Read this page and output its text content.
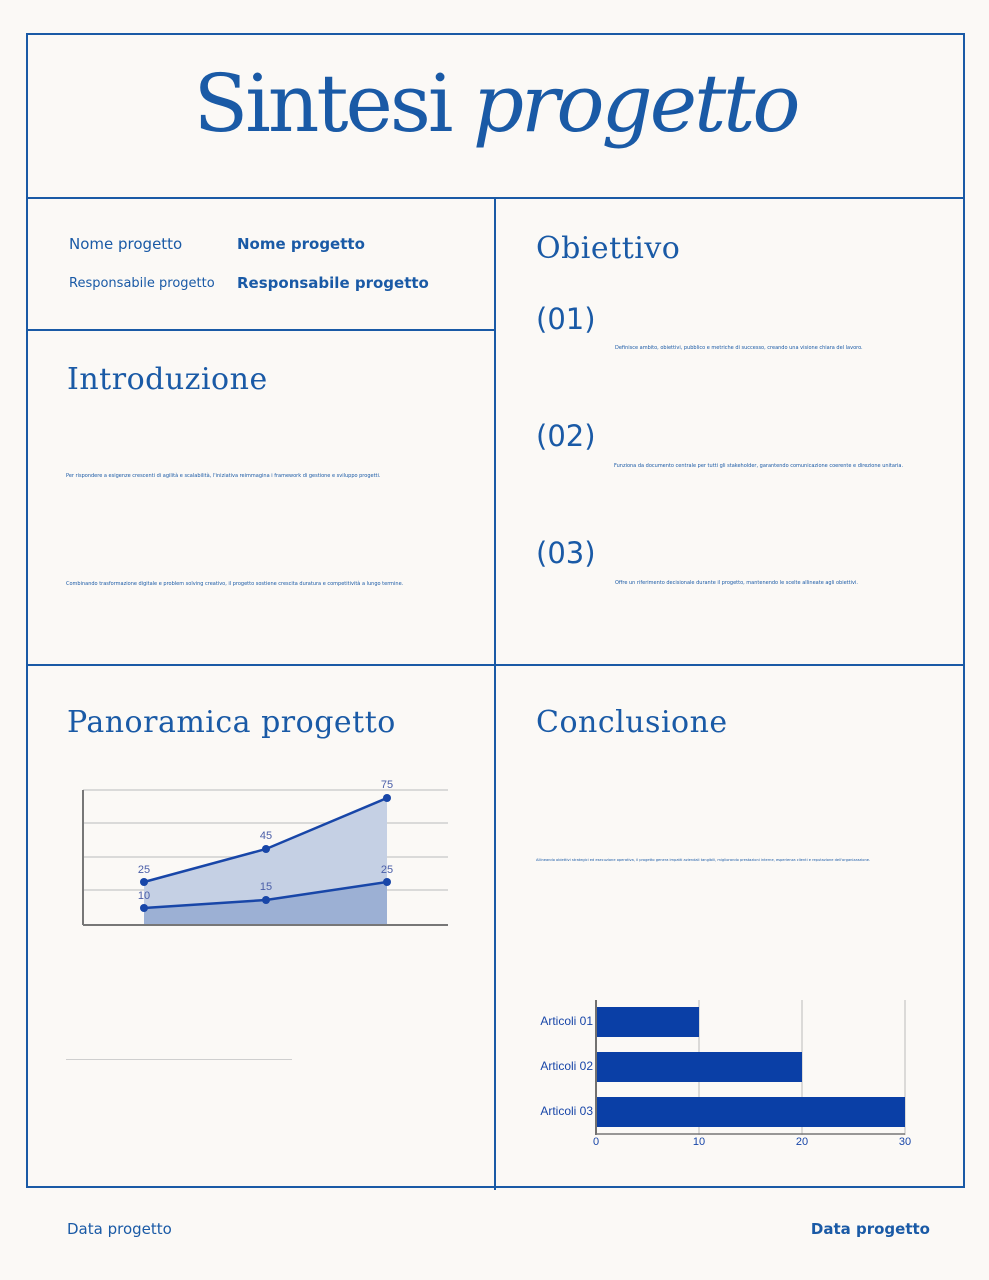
Sintesi progetto
Nome progetto	Nome progetto
Responsabile progetto Responsabile progetto
Introduzione

Per rispondere a esigenze crescenti di agilità e scalabilità, l'iniziativa reimmagina i framework di gestione e sviluppo progetti.

Combinando trasformazione digitale e problem solving creativo, il progetto sostiene crescita duratura e competitività a lungo termine.

Obiettivo
(01)

Definisce ambito, obiettivi, pubblico e metriche di successo, creando una visione chiara del lavoro.

(02)

Funziona da documento centrale per tutti gli stakeholder, garantendo comunicazione coerente e direzione unitaria.

(03)

Offre un riferimento decisionale durante il progetto, mantenendo le scelte allineate agli obiettivi.

Panoramica progetto
25
45
75
10
15
25
Conclusione

Allineando obiettivi strategici ed esecuzione operativa, il progetto genera impatti aziendali tangibili, migliorando prestazioni interne, esperienza clienti e reputazione dell'organizzazione.

Articoli 01
Articoli 02
Articoli 03
0	10	20	30
Data progetto	Data progetto
